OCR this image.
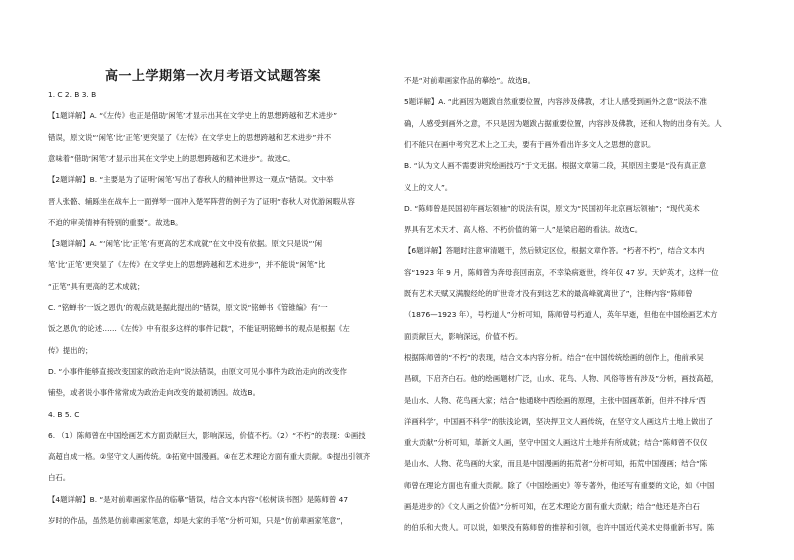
高一上学期第一次月考语文试题答案
1. C 2. B 3. B
【1题详解】A. “《左传》也正是借助‘闲笔’才显示出其在文学史上的思想跨越和艺术进步”
错误，原文说“‘闲笔’比‘正笔’更突显了《左传》在文学史上的思想跨越和艺术进步”并不
意味着“借助‘闲笔’才显示出其在文学史上的思想跨越和艺术进步”。故选C。
【2题详解】B. “主要是为了证明‘闲笔’写出了春秋人的精神世界这一观点”错误。文中举
晋人张骼、辅跞坐在战车上一面弹琴一面冲入楚军阵营的例子为了证明“春秋人对优游闲暇从容
不迫的审美情神有特别的重要”。故选B。
【3题详解】A. “‘闲笔’比‘正笔’有更高的艺术成就”在文中没有依据。原文只是说“‘闲
笔’比‘正笔’更突显了《左传》在文学史上的思想跨越和艺术进步”，并不能说“闲笔”比
“正笔”具有更高的艺术成就；
C. “铭蝉书‘一饭之恩仇’的观点就是据此提出的”错误，原文说“铭蝉书《管锥编》有‘一
饭之恩仇’的论述……《左传》中有很多这样的事件记载”，不能证明铭蝉书的观点是根据《左
传》提出的；
D. “小事件能够直接改变国家的政治走向”说法错误，由原文可见小事件为政治走向的改变作
铺垫，或者说小事件常常成为政治走向改变的最初诱因。故选B。
4. B 5. C
6. （1）陈师曾在中国绘画艺术方面贡献巨大，影响深远，价值不朽。（2）“不朽”的表现：①画技
高超自成一格。②坚守文人画传统。③拓宽中国漫画。④在艺术理论方面有重大贡献。⑤提出引领齐
白石。
【4题详解】B. “是对前辈画家作品的临摹”错误，结合文本内容“《松树读书图》是陈师曾 47
岁时的作品，虽然是仿前辈画家笔意，却是大家的手笔”分析可知，只是“仿前辈画家笔意”，
不是“对前辈画家作品的摹绘”。故选B。
5题详解】A. “此画因为题跋自然重要位置，内容涉及佛教，才让人感受到画外之意”说法不准
确，人感受到画外之意，不只是因为题跋占据重要位置，内容涉及佛教，还和人物的出身有关。人
们不能只在画中考究艺术上之工夫，要有于画外看出许多文人之思想的意识。
B. “认为文人画不需要讲究绘画技巧”于文无据。根据文章第二段，其原因主要是“没有真正意
义上的文人”。
D. “陈师曾是民国初年画坛领袖”的说法有误，原文为“民国初年北京画坛领袖”；“现代美术
界具有艺术天才、高人格、不朽价值的第一人”是梁启超的看法。故选C。
【6题详解】答题时注意审清题干，然后锁定区位，根据文章作答。“朽者不朽”，结合文本内
容“1923 年 9 月，陈师曾为奔母丧回南京，不幸染病逝世，终年仅 47 岁。天妒英才，这样一位
既有艺术天赋又满腹经纶的旷世奇才没有到这艺术的最高峰就离世了”，注释内容“陈师曾
（1876—1923 年），号朽道人”分析可知，陈师曾号朽道人，英年早逝，但他在中国绘画艺术方
面贡献巨大，影响深远，价值不朽。
根据陈师曾的“不朽”的表现，结合文本内容分析。结合“在中国传统绘画的创作上，他前承吴
昌硕，下启齐白石。他的绘画题材广泛，山水、花鸟、人物、风俗等皆有涉及”分析，画技高超，
是山水、人物、花鸟画大家；结合“他通晓中西绘画的原理，主张中国画革新，但并不排斥‘西
洋画科学’，中国画不科学”的肤浅论调，坚决捍卫文人画传统，在坚守文人画这片土地上做出了
重大贡献”分析可知，革新文人画，坚守中国文人画这片土地并有所成就；结合“陈师曾不仅仅
是山水、人物、花鸟画的大家，而且是中国漫画的拓荒者”分析可知，拓荒中国漫画；结合“陈
师曾在理论方面也有重大贡献。除了《中国绘画史》等专著外，他还写有重要的文论，如《中国
画是进步的》《文人画之价值》”分析可知，在艺术理论方面有重大贡献；结合“他还是齐白石
的伯乐和大贵人。可以说，如果没有陈师曾的推荐和引领，也许中国近代美术史得重新书写。陈
